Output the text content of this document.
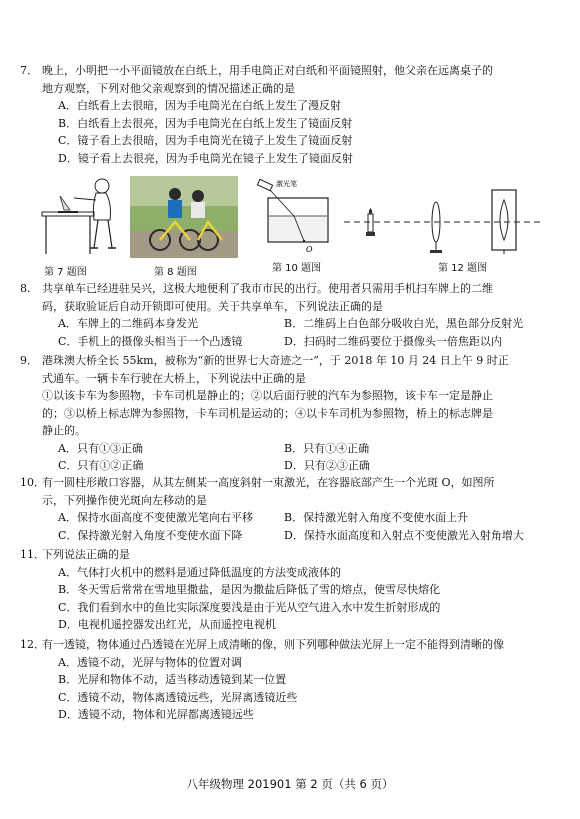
7． 晚上，小明把一小平面镜放在白纸上，用手电筒正对白纸和平面镜照射，他父亲在远离桌子的
地方观察，下列对他父亲观察到的情况描述正确的是
A．白纸看上去很暗，因为手电筒光在白纸上发生了漫反射
B．白纸看上去很亮，因为手电筒光在白纸上发生了镜面反射
C．镜子看上去很暗，因为手电筒光在镜子上发生了镜面反射
D．镜子看上去很亮，因为手电筒光在镜子上发生了镜面反射
第 7 题图	第 8 题图
O
激光笔
第 10 题图	第 12 题图
8.	共享单车已经进驻吴兴，这极大地便利了我市市民的出行。使用者只需用手机扫车牌上的二维
码，获取验证后自动开锁即可使用。关于共享单车，下列说法正确的是
A．车牌上的二维码本身发光	B．二维码上白色部分吸收白光，黑色部分反射光
C．手机上的摄像头相当于一个凸透镜	D．扫码时二维码要位于摄像头一倍焦距以内
9． 港珠澳大桥全长 55km，被称为“新的世界七大奇迹之一”，于 2018 年 10 月 24 日上午 9 时正
式通车。一辆卡车行驶在大桥上，下列说法中正确的是
①以该卡车为参照物，卡车司机是静止的；②以后面行驶的汽车为参照物，该卡车一定是静止
的；③以桥上标志牌为参照物，卡车司机是运动的；④以卡车司机为参照物，桥上的标志牌是
静止的。
A．只有①③正确	B．只有①④正确
C．只有①②正确	D．只有②③正确
10．
有一圆柱形敞口容器，从其左侧某一高度斜射一束激光，在容器底部产生一个光斑 O，如图所
示，下列操作使光斑向左移动的是
A．保持水面高度不变使激光笔向右平移	B．保持激光射入角度不变使水面上升
C．保持激光射入角度不变使水面下降	D．保持水面高度和入射点不变使激光入射角增大
11．
下列说法正确的是
A．气体打火机中的燃料是通过降低温度的方法变成液体的
B．冬天雪后常常在雪地里撒盐，是因为撒盐后降低了雪的熔点，使雪尽快熔化
C．我们看到水中的鱼比实际深度要浅是由于光从空气进入水中发生折射形成的
D．电视机遥控器发出红光，从而遥控电视机
12．
有一透镜，物体通过凸透镜在光屏上成清晰的像，则下列哪种做法光屏上一定不能得到清晰的像
A．透镜不动，光屏与物体的位置对调
B．光屏和物体不动，适当移动透镜到某一位置
C．透镜不动，物体离透镜远些，光屏离透镜近些
D．透镜不动，物体和光屏都离透镜远些
八年级物理 201901 第 2 页（共 6 页）
